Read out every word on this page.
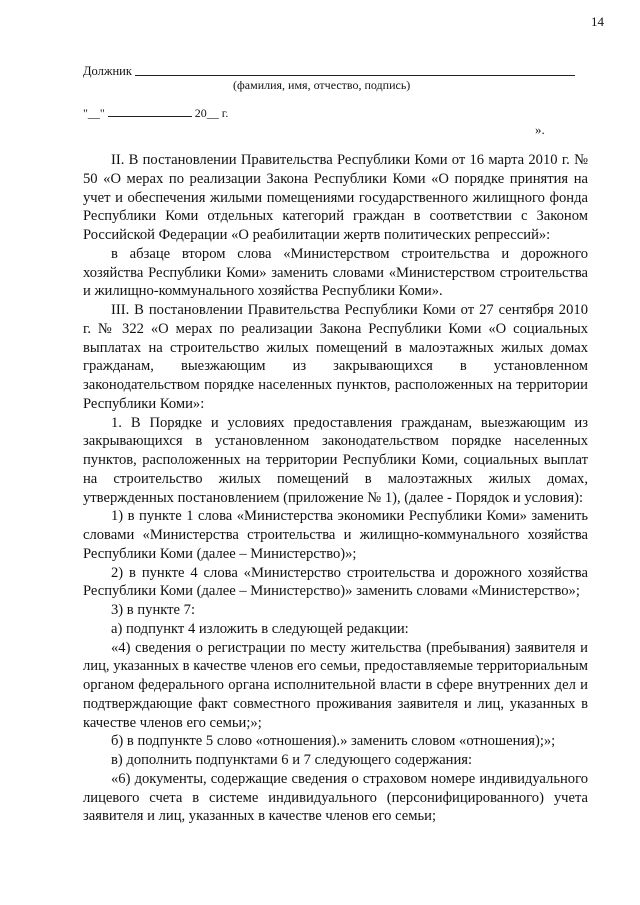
14
Должник
(фамилия, имя, отчество, подпись)
"__"	20__ г.
».

II. В постановлении Правительства Республики Коми от 16 марта 2010 г. № 50 «О мерах по реализации Закона Республики Коми «О порядке принятия на учет и обеспечения жилыми помещениями государственного жилищного фонда Республики Коми отдельных категорий граждан в соответствии с Законом Российской Федерации «О реабилитации жертв политических репрессий»:

в абзаце втором слова «Министерством строительства и дорожного хозяйства Республики Коми» заменить словами «Министерством строительства и жилищно-коммунального хозяйства Республики Коми».

III. В постановлении Правительства Республики Коми от 27 сентября 2010 г. № 322 «О мерах по реализации Закона Республики Коми «О социальных выплатах на строительство жилых помещений в малоэтажных жилых домах гражданам, выезжающим из закрывающихся в установленном законодательством порядке населенных пунктов, расположенных на территории Республики Коми»:

1. В Порядке и условиях предоставления гражданам, выезжающим из закрывающихся в установленном законодательством порядке населенных пунктов, расположенных на территории Республики Коми, социальных выплат на строительство жилых помещений в малоэтажных жилых домах, утвержденных постановлением (приложение № 1), (далее - Порядок и условия):

1) в пункте 1 слова «Министерства экономики Республики Коми» заменить словами «Министерства строительства и жилищно-коммунального хозяйства Республики Коми (далее – Министерство)»;

2) в пункте 4 слова «Министерство строительства и дорожного хозяйства Республики Коми (далее – Министерство)» заменить словами «Министерство»;

3) в пункте 7:

а) подпункт 4 изложить в следующей редакции:

«4) сведения о регистрации по месту жительства (пребывания) заявителя и лиц, указанных в качестве членов его семьи, предоставляемые территориальным органом федерального органа исполнительной власти в сфере внутренних дел и подтверждающие факт совместного проживания заявителя и лиц, указанных в качестве членов его семьи;»;

б) в подпункте 5 слово «отношения).» заменить словом «отношения);»;

в) дополнить подпунктами 6 и 7 следующего содержания:

«6) документы, содержащие сведения о страховом номере индивидуального лицевого счета в системе индивидуального (персонифицированного) учета заявителя и лиц, указанных в качестве членов его семьи;
